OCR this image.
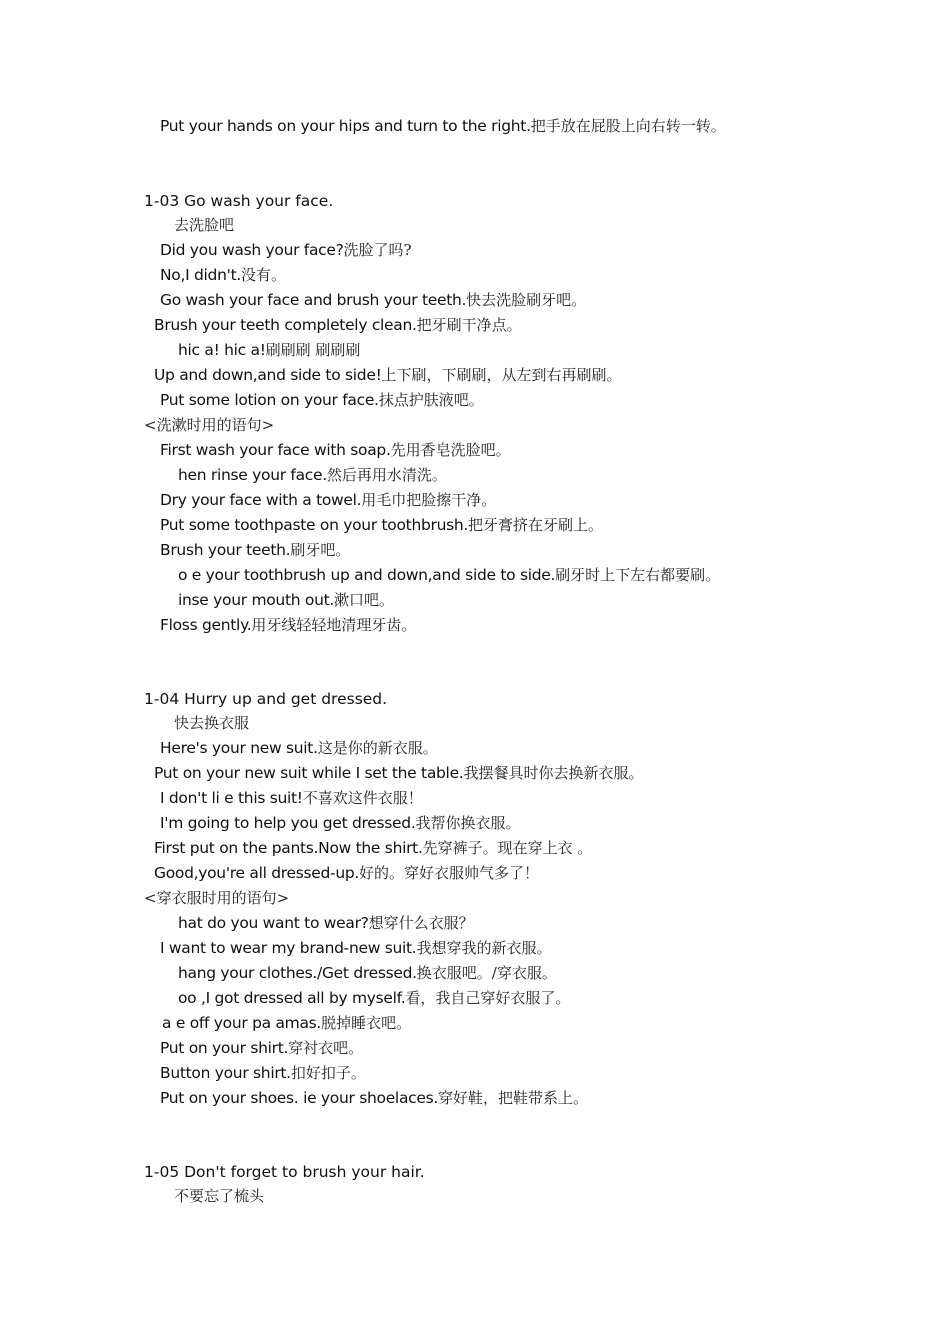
Put your hands on your hips and turn to the right.把手放在屁股上向右转一转。
1-03 Go wash your face.
去洗脸吧
Did you wash your face?洗脸了吗?
No,I didn't.没有。
Go wash your face and brush your teeth.快去洗脸刷牙吧。
Brush your teeth completely clean.把牙刷干净点。
hic a! hic a!刷刷刷 刷刷刷
Up and down,and side to side!上下刷，下刷刷，从左到右再刷刷。
Put some lotion on your face.抹点护肤液吧。
<洗漱时用的语句>
First wash your face with soap.先用香皂洗脸吧。
hen rinse your face.然后再用水清洗。
Dry your face with a towel.用毛巾把脸擦干净。
Put some toothpaste on your toothbrush.把牙膏挤在牙刷上。
Brush your teeth.刷牙吧。
o e your toothbrush up and down,and side to side.刷牙时上下左右都要刷。
inse your mouth out.漱口吧。
Floss gently.用牙线轻轻地清理牙齿。
1-04 Hurry up and get dressed.
快去换衣服
Here's your new suit.这是你的新衣服。
Put on your new suit while I set the table.我摆餐具时你去换新衣服。
I don't li e this suit!不喜欢这件衣服！
I'm going to help you get dressed.我帮你换衣服。
First put on the pants.Now the shirt.先穿裤子。现在穿上衣 。
Good,you're all dressed-up.好的。穿好衣服帅气多了！
<穿衣服时用的语句>
hat do you want to wear?想穿什么衣服？
I want to wear my brand-new suit.我想穿我的新衣服。
hang your clothes./Get dressed.换衣服吧。/穿衣服。
oo ,I got dressed all by myself.看，我自己穿好衣服了。
a e off your pa amas.脱掉睡衣吧。
Put on your shirt.穿衬衣吧。
Button your shirt.扣好扣子。
Put on your shoes. ie your shoelaces.穿好鞋，把鞋带系上。
1-05 Don't forget to brush your hair.
不要忘了梳头
